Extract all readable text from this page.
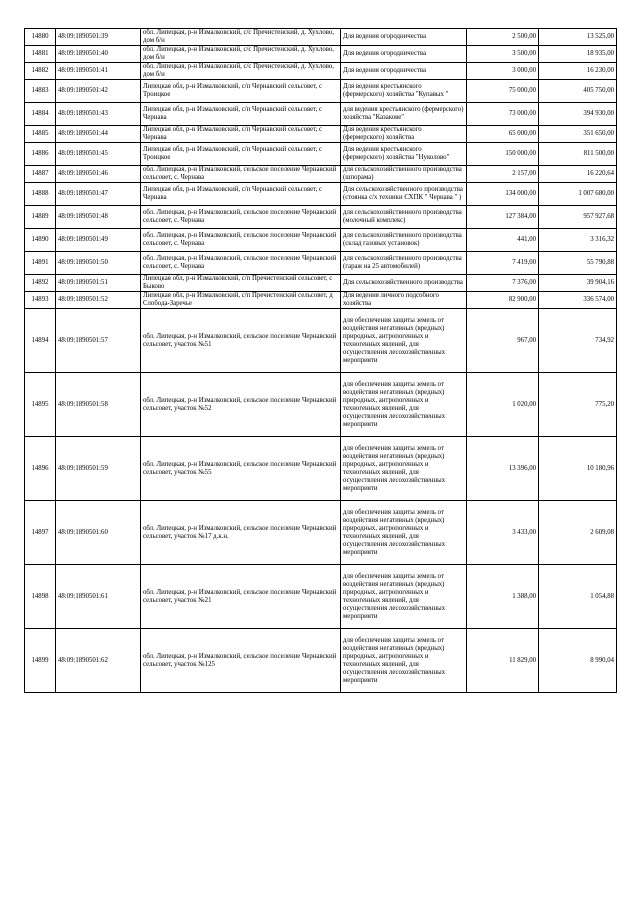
14880	48:09:1890501:39	обл. Липецкая, р-н Измалковский, с/с Пречистенский, д. Хухлово, дом б/н	Для ведения огородничества	2 500,00	13 525,00
14881	48:09:1890501:40	обл. Липецкая, р-н Измалковский, с/с Пречистенский, д. Хухлово, дом б/н	Для ведения огородничества	3 500,00	18 935,00
14882	48:09:1890501:41	обл. Липецкая, р-н Измалковский, с/с Пречистенский, д. Хухлово, дом б/н	Для ведения огородничества	3 000,00	16 230,00
14883	48:09:1890501:42	Липецкая обл, р-н Измалковский, с/п Чернавский сельсовет, с Троицкое	Для ведения крестьянского (фермерского) хозяйства "Купавых "	75 000,00	405 750,00
14884	48:09:1890501:43	Липецкая обл, р-н Измалковский, с/п Чернавский сельсовет, с Чернава	для ведения крестьянского (фермерского) хозяйства "Казакове"	73 000,00	394 930,00
14885	48:09:1890501:44	Липецкая обл, р-н Измалковский, с/п Чернавский сельсовет, с Чернава	Для ведения крестьянского (фермерского) хозяйства	65 000,00	351 650,00
14886	48:09:1890501:45	Липецкая обл, р-н Измалковский, с/п Чернавский сельсовет, с Троицкое	Для ведения крестьянского (фермерского) хозяйства "Нуколово"	150 000,00	811 500,00
14887	48:09:1890501:46	обл. Липецкая, р-н Измалковский, сельское поселение Чернавский сельсовет, с. Чернава	для сельскохозяйственного производства (шпорама)	2 157,00	16 220,64
14888	48:09:1890501:47	Липецкая обл, р-н Измалковский, с/п Чернавский сельсовет, с Чернава	Для сельскохозяйственного производства (стоянка с/х техники СХПК " Чернава " )	134 000,00	1 007 680,00
14889	48:09:1890501:48	обл. Липецкая, р-н Измалковский, сельское поселение Чернавский сельсовет, с. Чернава	для сельскохозяйственного производства (молочный комплекс)	127 384,00	957 927,68
14890	48:09:1890501:49	обл. Липецкая, р-н Измалковский, сельское поселение Чернавский сельсовет, с. Чернава	для сельскохозяйственного производства (склад газовых установок)	441,00	3 316,32
14891	48:09:1890501:50	обл. Липецкая, р-н Измалковский, сельское поселение Чернавский сельсовет, с. Чернава	для сельскохозяйственного производства (гараж на 25 автомобилей)	7 419,00	55 790,88
14892	48:09:1890501:51	Липецкая обл, р-н Измалковский, с/п Пречистенский сельсовет, с Быково	Для сельскохозяйственного производства	7 376,00	39 904,16
14893	48:09:1890501:52	Липецкая обл, р-н Измалковский, с/п Пречистенский сельсовет, д Слобода-Заречье	Для ведения личного подсобного хозяйства	82 900,00	336 574,00
14894	48:09:1890501:57	обл. Липецкая, р-н Измалковский, сельское поселение Чернавский сельсовет, участок №51	для обеспечения защиты земель от воздействия негативных (вредных) природных, антропогенных и техногенных явлений, для осуществления лесохозяйственных мероприяти	967,00	734,92
14895	48:09:1890501:58	обл. Липецкая, р-н Измалковский, сельское поселение Чернавский сельсовет, участок №52	для обеспечения защиты земель от воздействия негативных (вредных) природных, антропогенных и техногенных явлений, для осуществления лесохозяйственных мероприяти	1 020,00	775,20
14896	48:09:1890501:59	обл. Липецкая, р-н Измалковский, сельское поселение Чернавский сельсовет, участок №55	для обеспечения защиты земель от воздействия негативных (вредных) природных, антропогенных и техногенных явлений, для осуществления лесохозяйственных мероприяти	13 396,00	10 180,96
14897	48:09:1890501:60	обл. Липецкая, р-н Измалковский, сельское поселение Чернавский сельсовет, участок №17 д.к.н.	для обеспечения защиты земель от воздействия негативных (вредных) природных, антропогенных и техногенных явлений, для осуществления лесохозяйственных мероприяти	3 433,00	2 609,08
14898	48:09:1890501:61	обл. Липецкая, р-н Измалковский, сельское поселение Чернавский сельсовет, участок №21	для обеспечения защиты земель от воздействия негативных (вредных) природных, антропогенных и техногенных явлений, для осуществления лесохозяйственных мероприяти	1 388,00	1 054,88
14899	48:09:1890501:62	обл. Липецкая, р-н Измалковский, сельское поселение Чернавский сельсовет, участок №125	для обеспечения защиты земель от воздействия негативных (вредных) природных, антропогенных и техногенных явлений, для осуществления лесохозяйственных мероприяти	11 829,00	8 990,04
